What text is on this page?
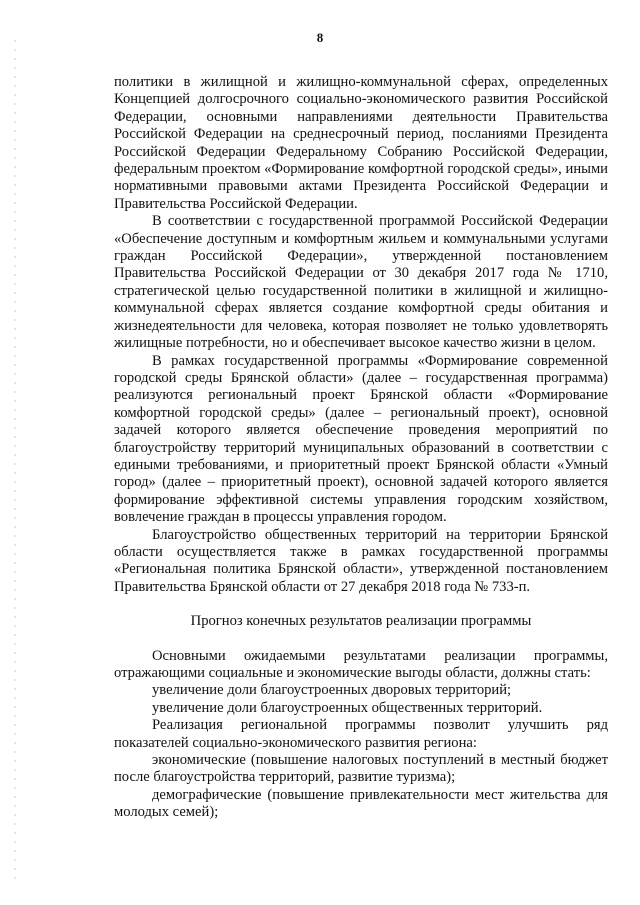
8

политики в жилищной и жилищно-коммунальной сферах, определенных Концепцией долгосрочного социально-экономического развития Российской Федерации, основными направлениями деятельности Правительства Российской Федерации на среднесрочный период, посланиями Президента Российской Федерации Федеральному Собранию Российской Федерации, федеральным проектом «Формирование комфортной городской среды», иными нормативными правовыми актами Президента Российской Федерации и Правительства Российской Федерации.

В соответствии с государственной программой Российской Федерации «Обеспечение доступным и комфортным жильем и коммунальными услугами граждан Российской Федерации», утвержденной постановлением Правительства Российской Федерации от 30 декабря 2017 года № 1710, стратегической целью государственной политики в жилищной и жилищно-коммунальной сферах является создание комфортной среды обитания и жизнедеятельности для человека, которая позволяет не только удовлетворять жилищные потребности, но и обеспечивает высокое качество жизни в целом.

В рамках государственной программы «Формирование современной городской среды Брянской области» (далее – государственная программа) реализуются региональный проект Брянской области «Формирование комфортной городской среды» (далее – региональный проект), основной задачей которого является обеспечение проведения мероприятий по благоустройству территорий муниципальных образований в соответствии с едиными требованиями, и приоритетный проект Брянской области «Умный город» (далее – приоритетный проект), основной задачей которого является формирование эффективной системы управления городским хозяйством, вовлечение граждан в процессы управления городом.

Благоустройство общественных территорий на территории Брянской области осуществляется также в рамках государственной программы «Региональная политика Брянской области», утвержденной постановлением Правительства Брянской области от 27 декабря 2018 года № 733-п.

Прогноз конечных результатов реализации программы

Основными ожидаемыми результатами реализации программы, отражающими социальные и экономические выгоды области, должны стать:

увеличение доли благоустроенных дворовых территорий;

увеличение доли благоустроенных общественных территорий.

Реализация региональной программы позволит улучшить ряд показателей социально-экономического развития региона:

экономические (повышение налоговых поступлений в местный бюджет после благоустройства территорий, развитие туризма);

демографические (повышение привлекательности мест жительства для молодых семей);
